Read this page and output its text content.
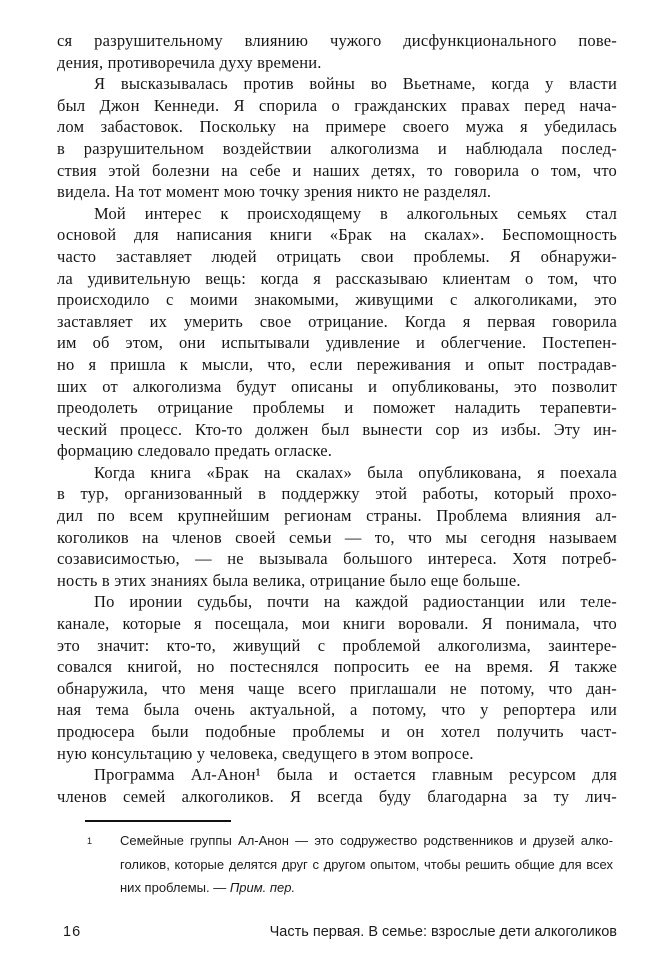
ся разрушительному влиянию чужого дисфункционального пове-
дения, противоречила духу времени.
Я высказывалась против войны во Вьетнаме, когда у власти
был Джон Кеннеди. Я спорила о гражданских правах перед нача-
лом забастовок. Поскольку на примере своего мужа я убедилась
в разрушительном воздействии алкоголизма и наблюдала послед-
ствия этой болезни на себе и наших детях, то говорила о том, что
видела. На тот момент мою точку зрения никто не разделял.
Мой интерес к происходящему в алкогольных семьях стал
основой для написания книги «Брак на скалах». Беспомощность
часто заставляет людей отрицать свои проблемы. Я обнаружи-
ла удивительную вещь: когда я рассказываю клиентам о том, что
происходило с моими знакомыми, живущими с алкоголиками, это
заставляет их умерить свое отрицание. Когда я первая говорила
им об этом, они испытывали удивление и облегчение. Постепен-
но я пришла к мысли, что, если переживания и опыт пострадав-
ших от алкоголизма будут описаны и опубликованы, это позволит
преодолеть отрицание проблемы и поможет наладить терапевти-
ческий процесс. Кто-то должен был вынести сор из избы. Эту ин-
формацию следовало предать огласке.
Когда книга «Брак на скалах» была опубликована, я поехала
в тур, организованный в поддержку этой работы, который прохо-
дил по всем крупнейшим регионам страны. Проблема влияния ал-
коголиков на членов своей семьи — то, что мы сегодня называем
созависимостью, — не вызывала большого интереса. Хотя потреб-
ность в этих знаниях была велика, отрицание было еще больше.
По иронии судьбы, почти на каждой радиостанции или теле-
канале, которые я посещала, мои книги воровали. Я понимала, что
это значит: кто-то, живущий с проблемой алкоголизма, заинтере-
совался книгой, но постеснялся попросить ее на время. Я также
обнаружила, что меня чаще всего приглашали не потому, что дан-
ная тема была очень актуальной, а потому, что у репортера или
продюсера были подобные проблемы и он хотел получить част-
ную консультацию у человека, сведущего в этом вопросе.
Программа Ал-Анон¹ была и остается главным ресурсом для
членов семей алкоголиков. Я всегда буду благодарна за ту лич-
1 Семейные группы Ал-Анон — это содружество родственников и друзей алко-
голиков, которые делятся друг с другом опытом, чтобы решить общие для всех
них проблемы. — Прим. пер.
16	Часть первая. В семье: взрослые дети алкоголиков
